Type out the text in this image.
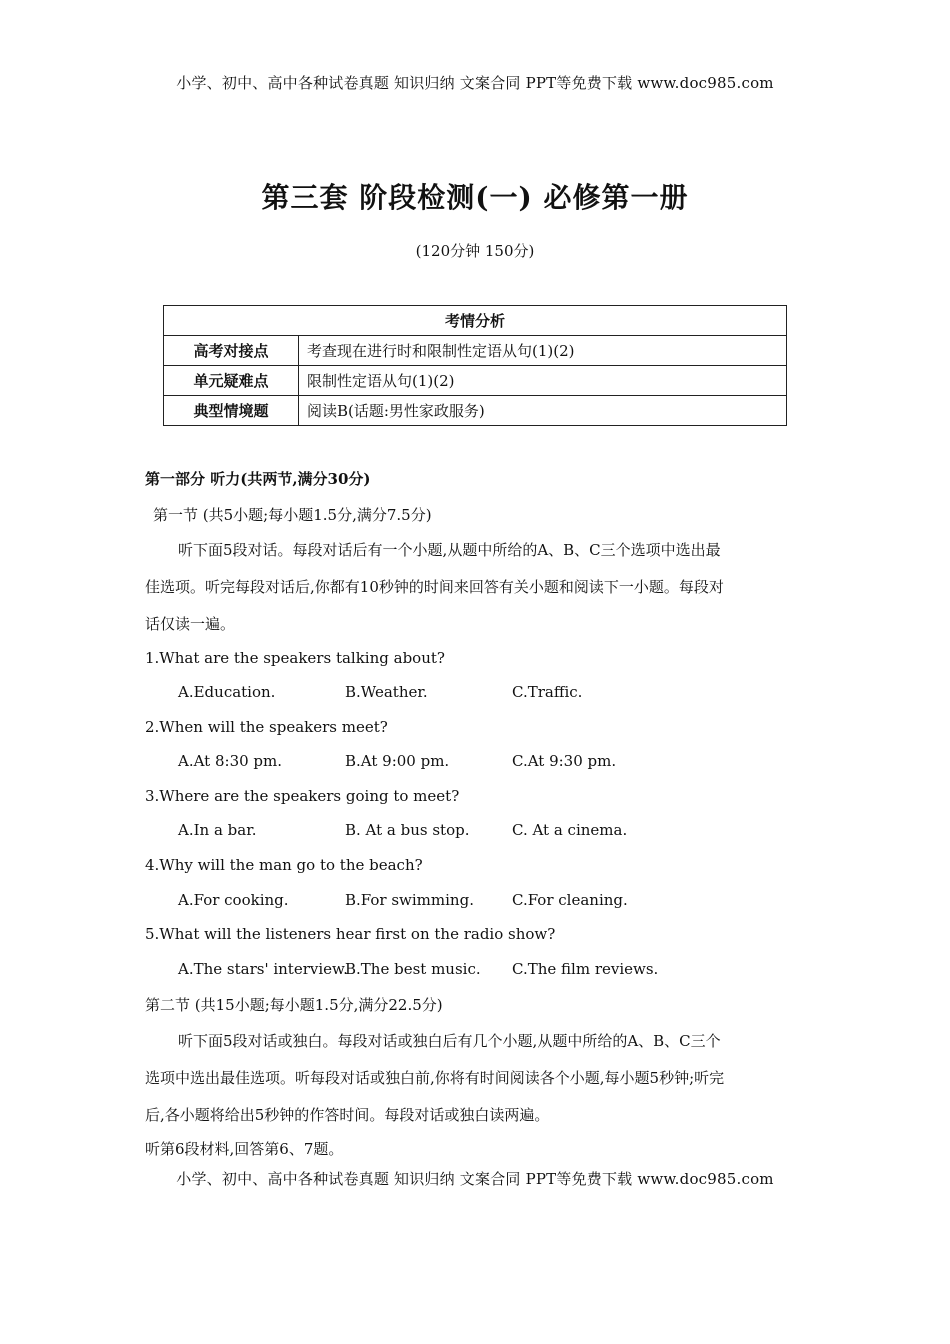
小学、初中、高中各种试卷真题 知识归纳 文案合同 PPT等免费下载 www.doc985.com
第三套 阶段检测(一) 必修第一册
(120分钟 150分)
考情分析	
高考对接点	考查现在进行时和限制性定语从句(1)(2)
单元疑难点	限制性定语从句(1)(2)
典型情境题	阅读B(话题:男性家政服务)
第一部分 听力(共两节,满分30分)
第一节 (共5小题;每小题1.5分,满分7.5分)
听下面5段对话。每段对话后有一个小题,从题中所给的A、B、C三个选项中选出最
佳选项。听完每段对话后,你都有10秒钟的时间来回答有关小题和阅读下一小题。每段对
话仅读一遍。
1.What are the speakers talking about?
A.Education.	B.Weather.	C.Traffic.
2.When will the speakers meet?
A.At 8:30 pm.	B.At 9:00 pm.	C.At 9:30 pm.
3.Where are the speakers going to meet?
A.In a bar.	B. At a bus stop.	C. At a cinema.
4.Why will the man go to the beach?
A.For cooking.	B.For swimming.	C.For cleaning.
5.What will the listeners hear first on the radio show?
A.The stars' interview.
B.The best music. C.The film reviews.
第二节 (共15小题;每小题1.5分,满分22.5分)
听下面5段对话或独白。每段对话或独白后有几个小题,从题中所给的A、B、C三个
选项中选出最佳选项。听每段对话或独白前,你将有时间阅读各个小题,每小题5秒钟;听完
后,各小题将给出5秒钟的作答时间。每段对话或独白读两遍。
听第6段材料,回答第6、7题。
小学、初中、高中各种试卷真题 知识归纳 文案合同 PPT等免费下载 www.doc985.com
